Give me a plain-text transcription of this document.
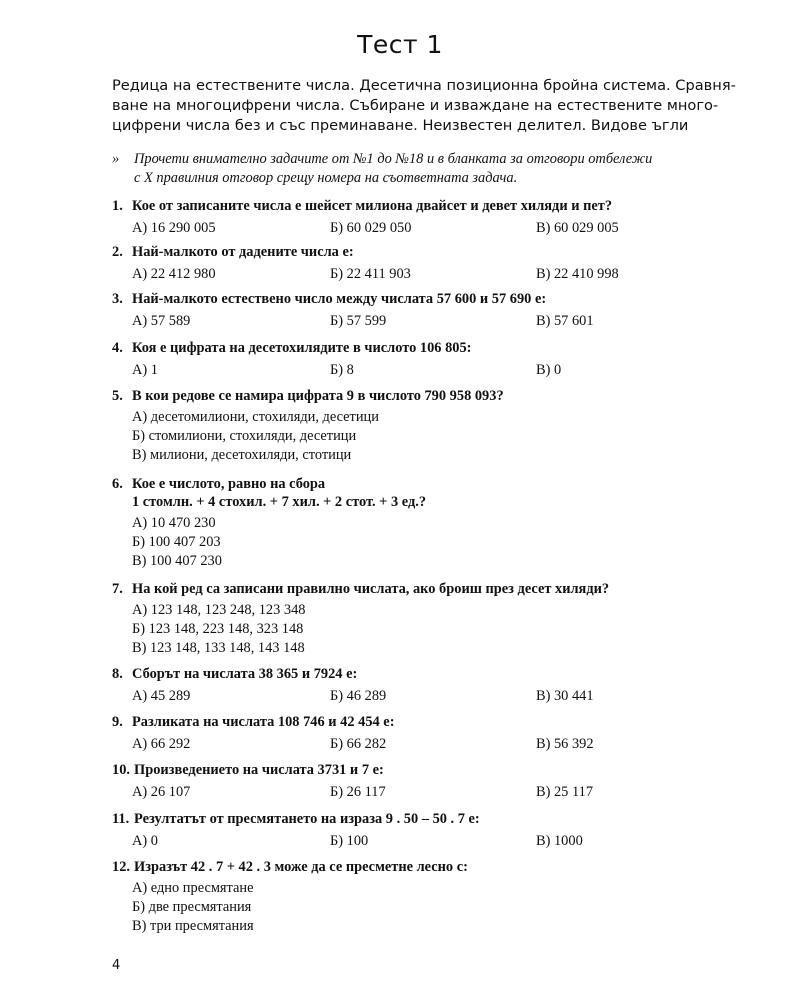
Тест 1
Редица на естествените числа. Десетична позиционна бройна система. Сравня-
ване на многоцифрени числа. Събиране и изваждане на естествените много-
цифрени числа без и със преминаване. Неизвестен делител. Видове ъгли
» Прочети внимателно задачите от №1 до №18 и в бланката за отговори отбележи
с X правилния отговор срещу номера на съответната задача.
1. Кое от записаните числа е шейсет милиона двайсет и девет хиляди и пет?
А) 16 290 005	Б) 60 029 050	В) 60 029 005
2. Най-малкото от дадените числа е:
А) 22 412 980	Б) 22 411 903	В) 22 410 998
3. Най-малкото естествено число между числата 57 600 и 57 690 е:
А) 57 589	Б) 57 599	В) 57 601
4. Коя е цифрата на десетохилядите в числото 106 805:
А) 1	Б) 8	В) 0
5. В кои редове се намира цифрата 9 в числото 790 958 093?
А) десетомилиони, стохиляди, десетици
Б) стомилиони, стохиляди, десетици
В) милиони, десетохиляди, стотици
6. Кое е числото, равно на сбора
1 стомлн. + 4 стохил. + 7 хил. + 2 стот. + 3 ед.?
А) 10 470 230
Б) 100 407 203
В) 100 407 230
7. На кой ред са записани правилно числата, ако броиш през десет хиляди?
А) 123 148, 123 248, 123 348
Б) 123 148, 223 148, 323 148
В) 123 148, 133 148, 143 148
8. Сборът на числата 38 365 и 7924 е:
А) 45 289	Б) 46 289	В) 30 441
9. Разликата на числата 108 746 и 42 454 е:
А) 66 292	Б) 66 282	В) 56 392
10. Произведението на числата 3731 и 7 е:
А) 26 107	Б) 26 117	В) 25 117
11. Резултатът от пресмятането на израза 9 . 50 – 50 . 7 е:
А) 0	Б) 100	В) 1000
12. Изразът 42 . 7 + 42 . 3 може да се пресметне лесно с:
А) едно пресмятане
Б) две пресмятания
В) три пресмятания
4
